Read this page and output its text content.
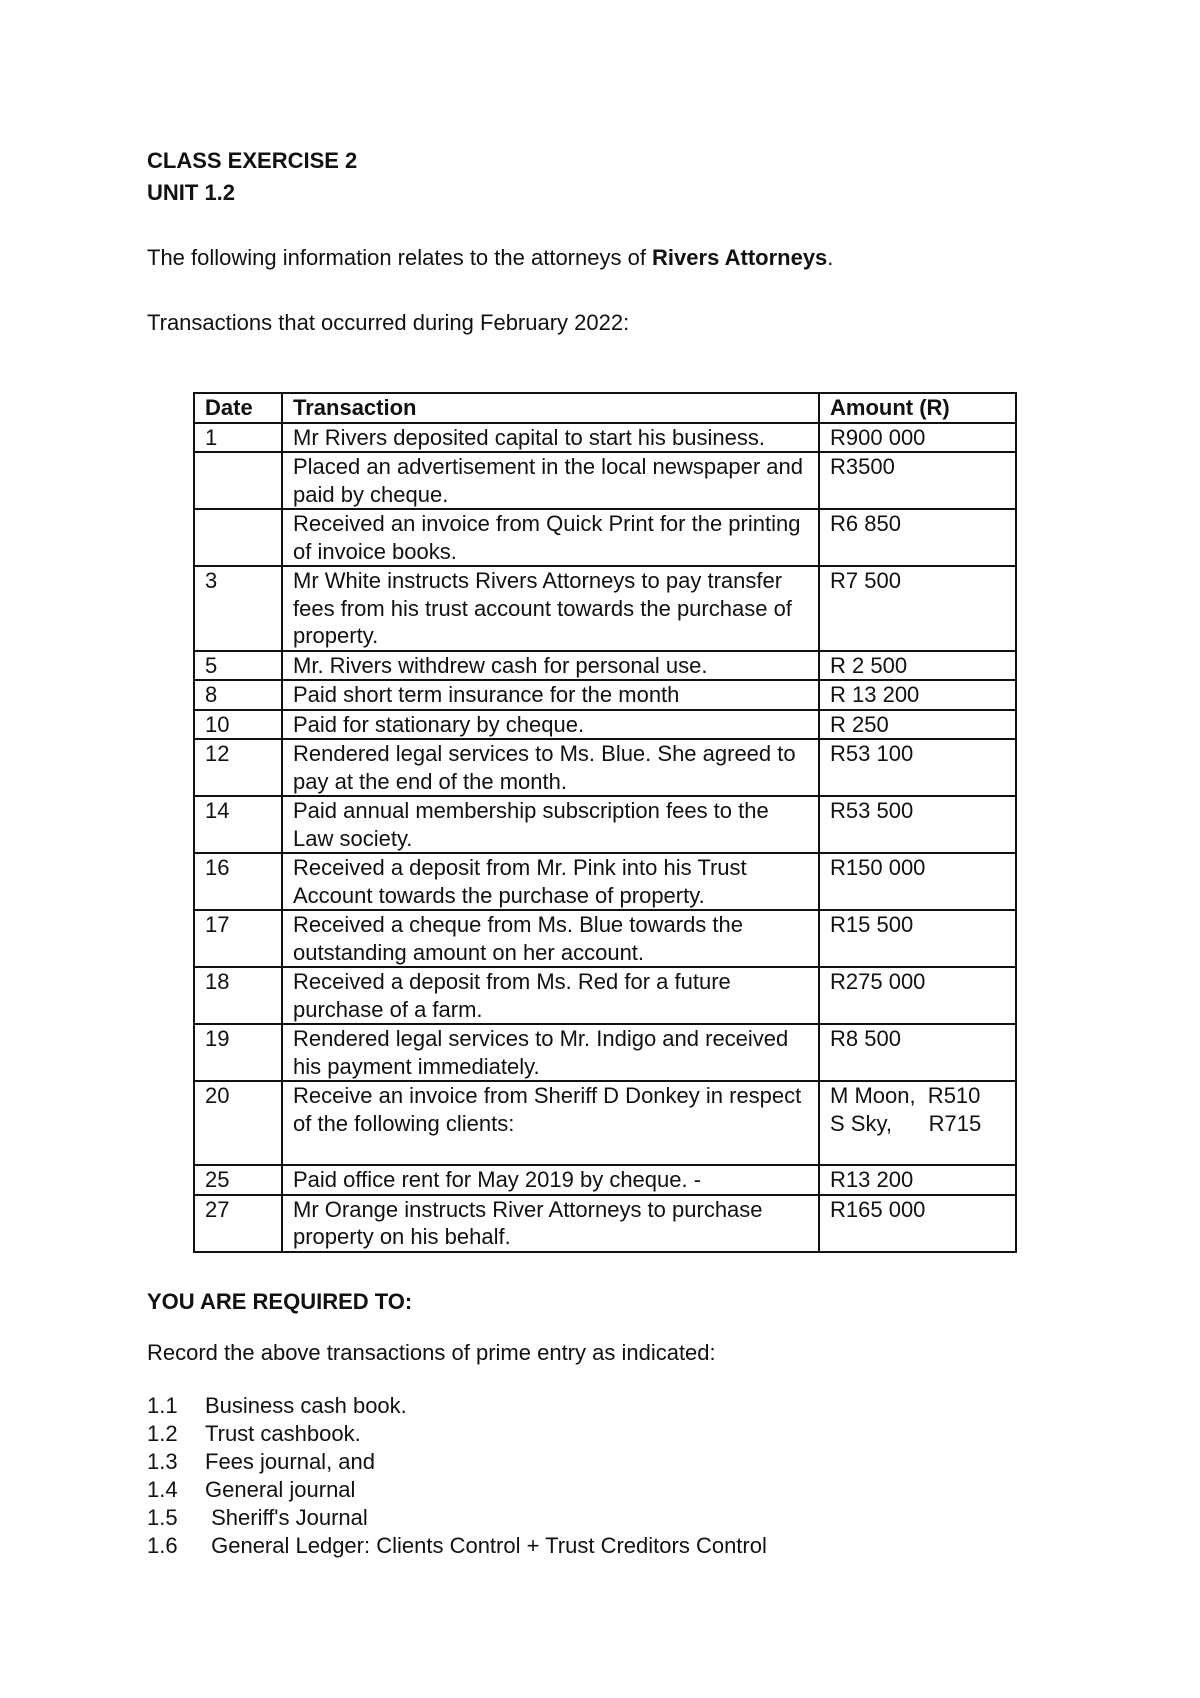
CLASS EXERCISE 2

UNIT 1.2

The following information relates to the attorneys of Rivers Attorneys.

Transactions that occurred during February 2022:

Date	Transaction	Amount (R)
1	Mr Rivers deposited capital to start his business.	R900 000
	Placed an advertisement in the local newspaper and paid by cheque.	R3500
	Received an invoice from Quick Print for the printing of invoice books.	R6 850
3	Mr White instructs Rivers Attorneys to pay transfer fees from his trust account towards the purchase of property.	R7 500
5	Mr. Rivers withdrew cash for personal use.	R 2 500
8	Paid short term insurance for the month	R 13 200
10	Paid for stationary by cheque.	R 250
12	Rendered legal services to Ms. Blue. She agreed to pay at the end of the month.	R53 100
14	Paid annual membership subscription fees to the Law society.	R53 500
16	Received a deposit from Mr. Pink into his Trust Account towards the purchase of property.	R150 000
17	Received a cheque from Ms. Blue towards the outstanding amount on her account.	R15 500
18	Received a deposit from Ms. Red for a future purchase of a farm.	R275 000
19	Rendered legal services to Mr. Indigo and received his payment immediately.	R8 500
20	Receive an invoice from Sheriff D Donkey in respect of the following clients:	M Moon,  R510
S Sky,      R715
25	Paid office rent for May 2019 by cheque. -	R13 200
27	Mr Orange instructs River Attorneys to purchase property on his behalf.	R165 000

YOU ARE REQUIRED TO:

Record the above transactions of prime entry as indicated:

1.1	Business cash book.
1.2	Trust cashbook.
1.3	Fees journal, and
1.4	General journal
1.5	Sheriff's Journal
1.6	General Ledger: Clients Control + Trust Creditors Control
